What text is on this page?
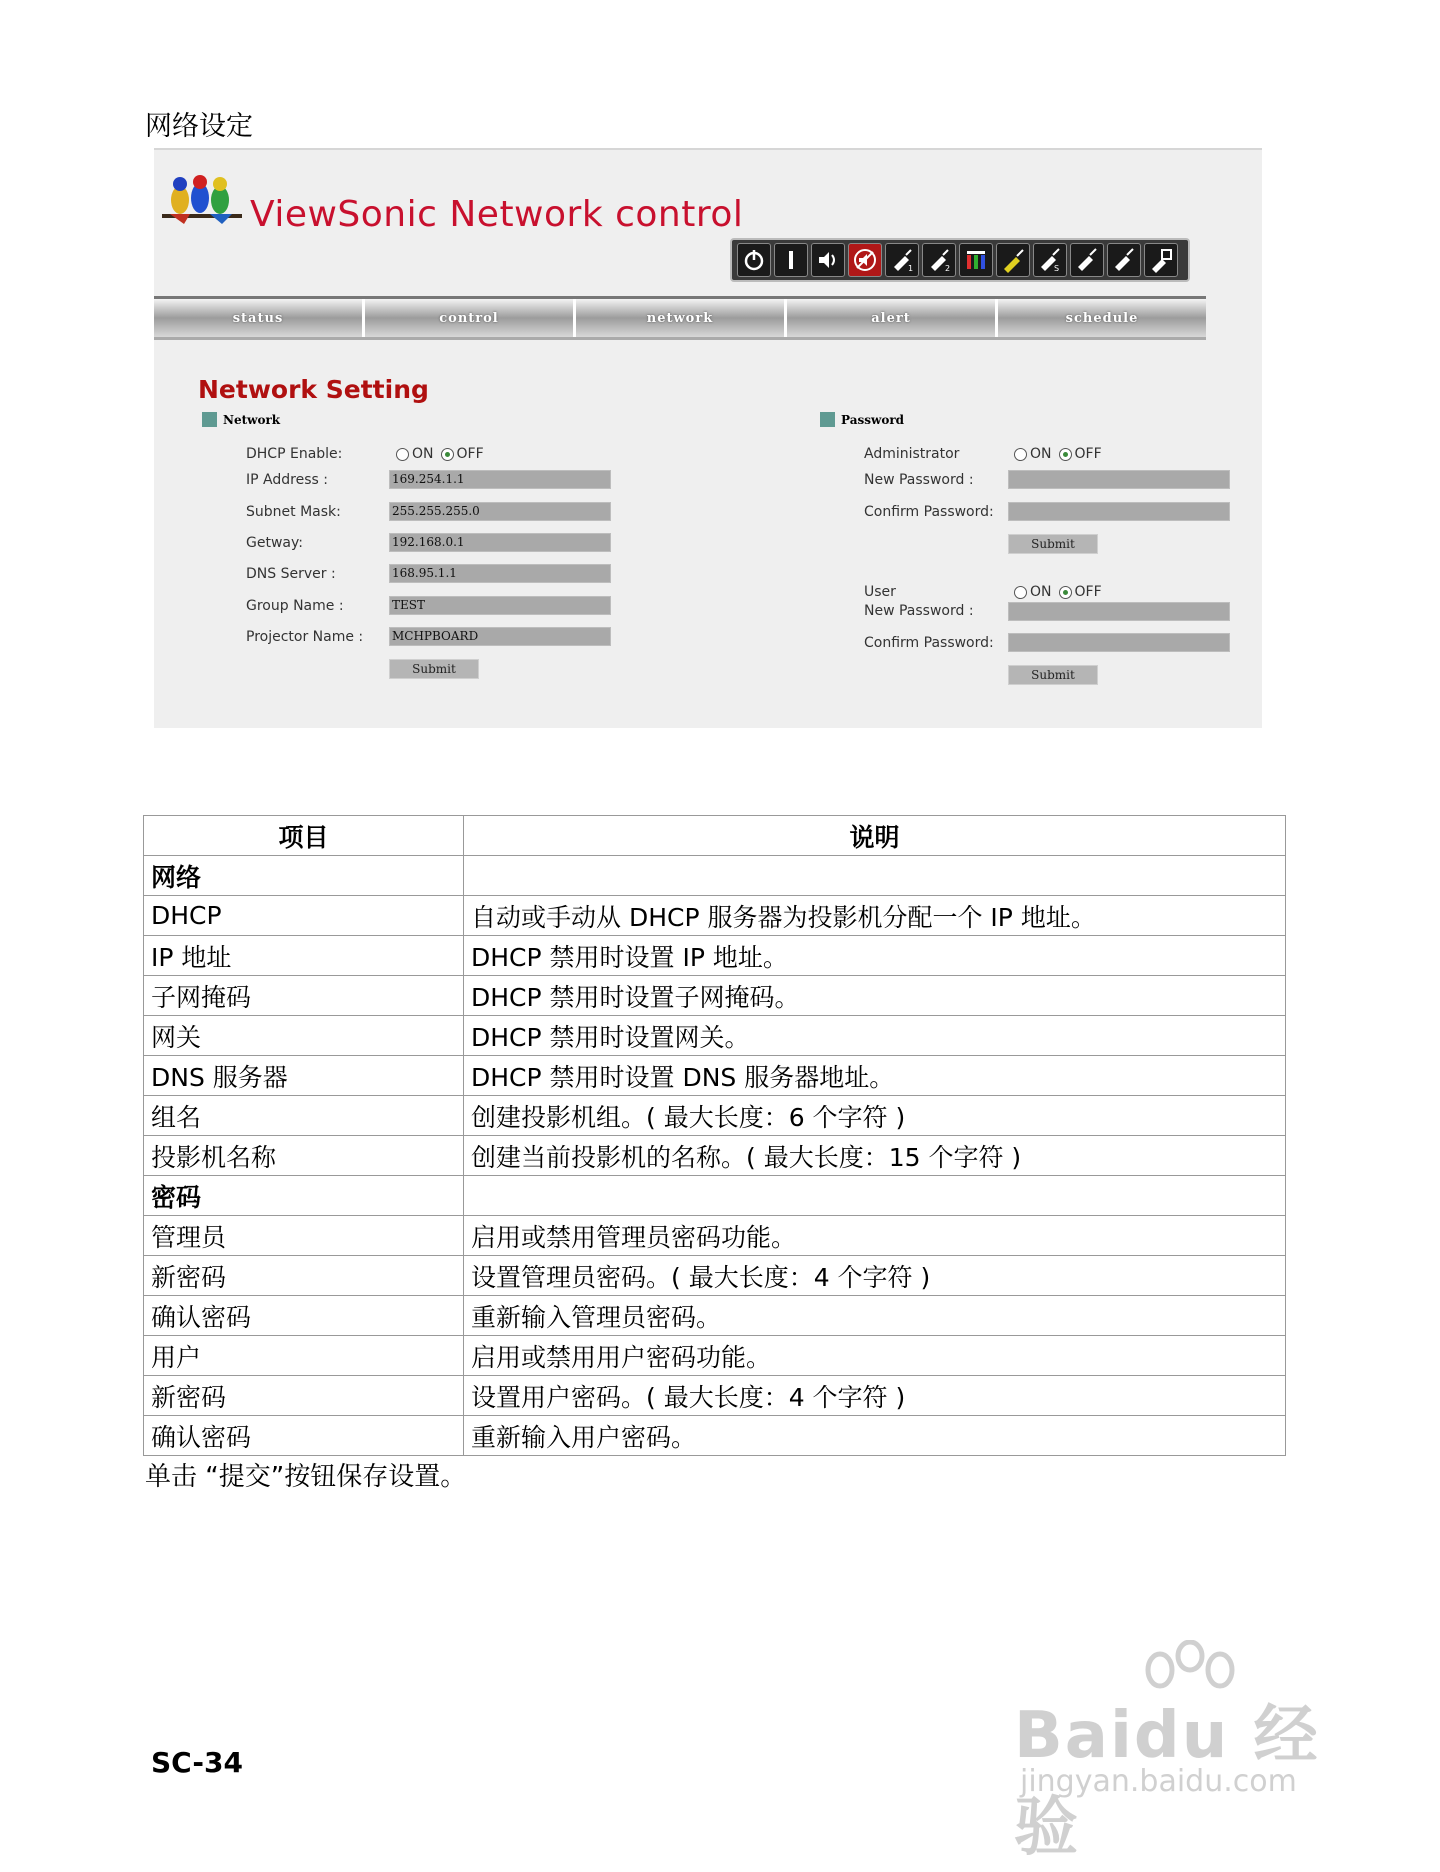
网络设定
ViewSonic Network control
1	2	S
status	control	network	alert	schedule
Network Setting
Network
DHCP Enable:	ON OFF
IP Address :	169.254.1.1
Subnet Mask:	255.255.255.0
Getway:	192.168.0.1
DNS Server :	168.95.1.1
Group Name :	TEST
Projector Name : MCHPBOARD
Submit
Password
Administrator	ON OFF
New Password :
Confirm Password:
Submit
User	ON OFF
New Password :
Confirm Password:
Submit
项目	说明
网络	
DHCP	自动或手动从 DHCP 服务器为投影机分配一个 IP 地址。
IP 地址	DHCP 禁用时设置 IP 地址。
子网掩码	DHCP 禁用时设置子网掩码。
网关	DHCP 禁用时设置网关。
DNS 服务器	DHCP 禁用时设置 DNS 服务器地址。
组名	创建投影机组。( 最大长度：6 个字符 )
投影机名称	创建当前投影机的名称。( 最大长度：15 个字符 )
密码	
管理员	启用或禁用管理员密码功能。
新密码	设置管理员密码。( 最大长度：4 个字符 )
确认密码	重新输入管理员密码。
用户	启用或禁用用户密码功能。
新密码	设置用户密码。( 最大长度：4 个字符 )
确认密码	重新输入用户密码。
单击 “提交”按钮保存设置。
SC-34	Baidu 经验
jingyan.baidu.com
